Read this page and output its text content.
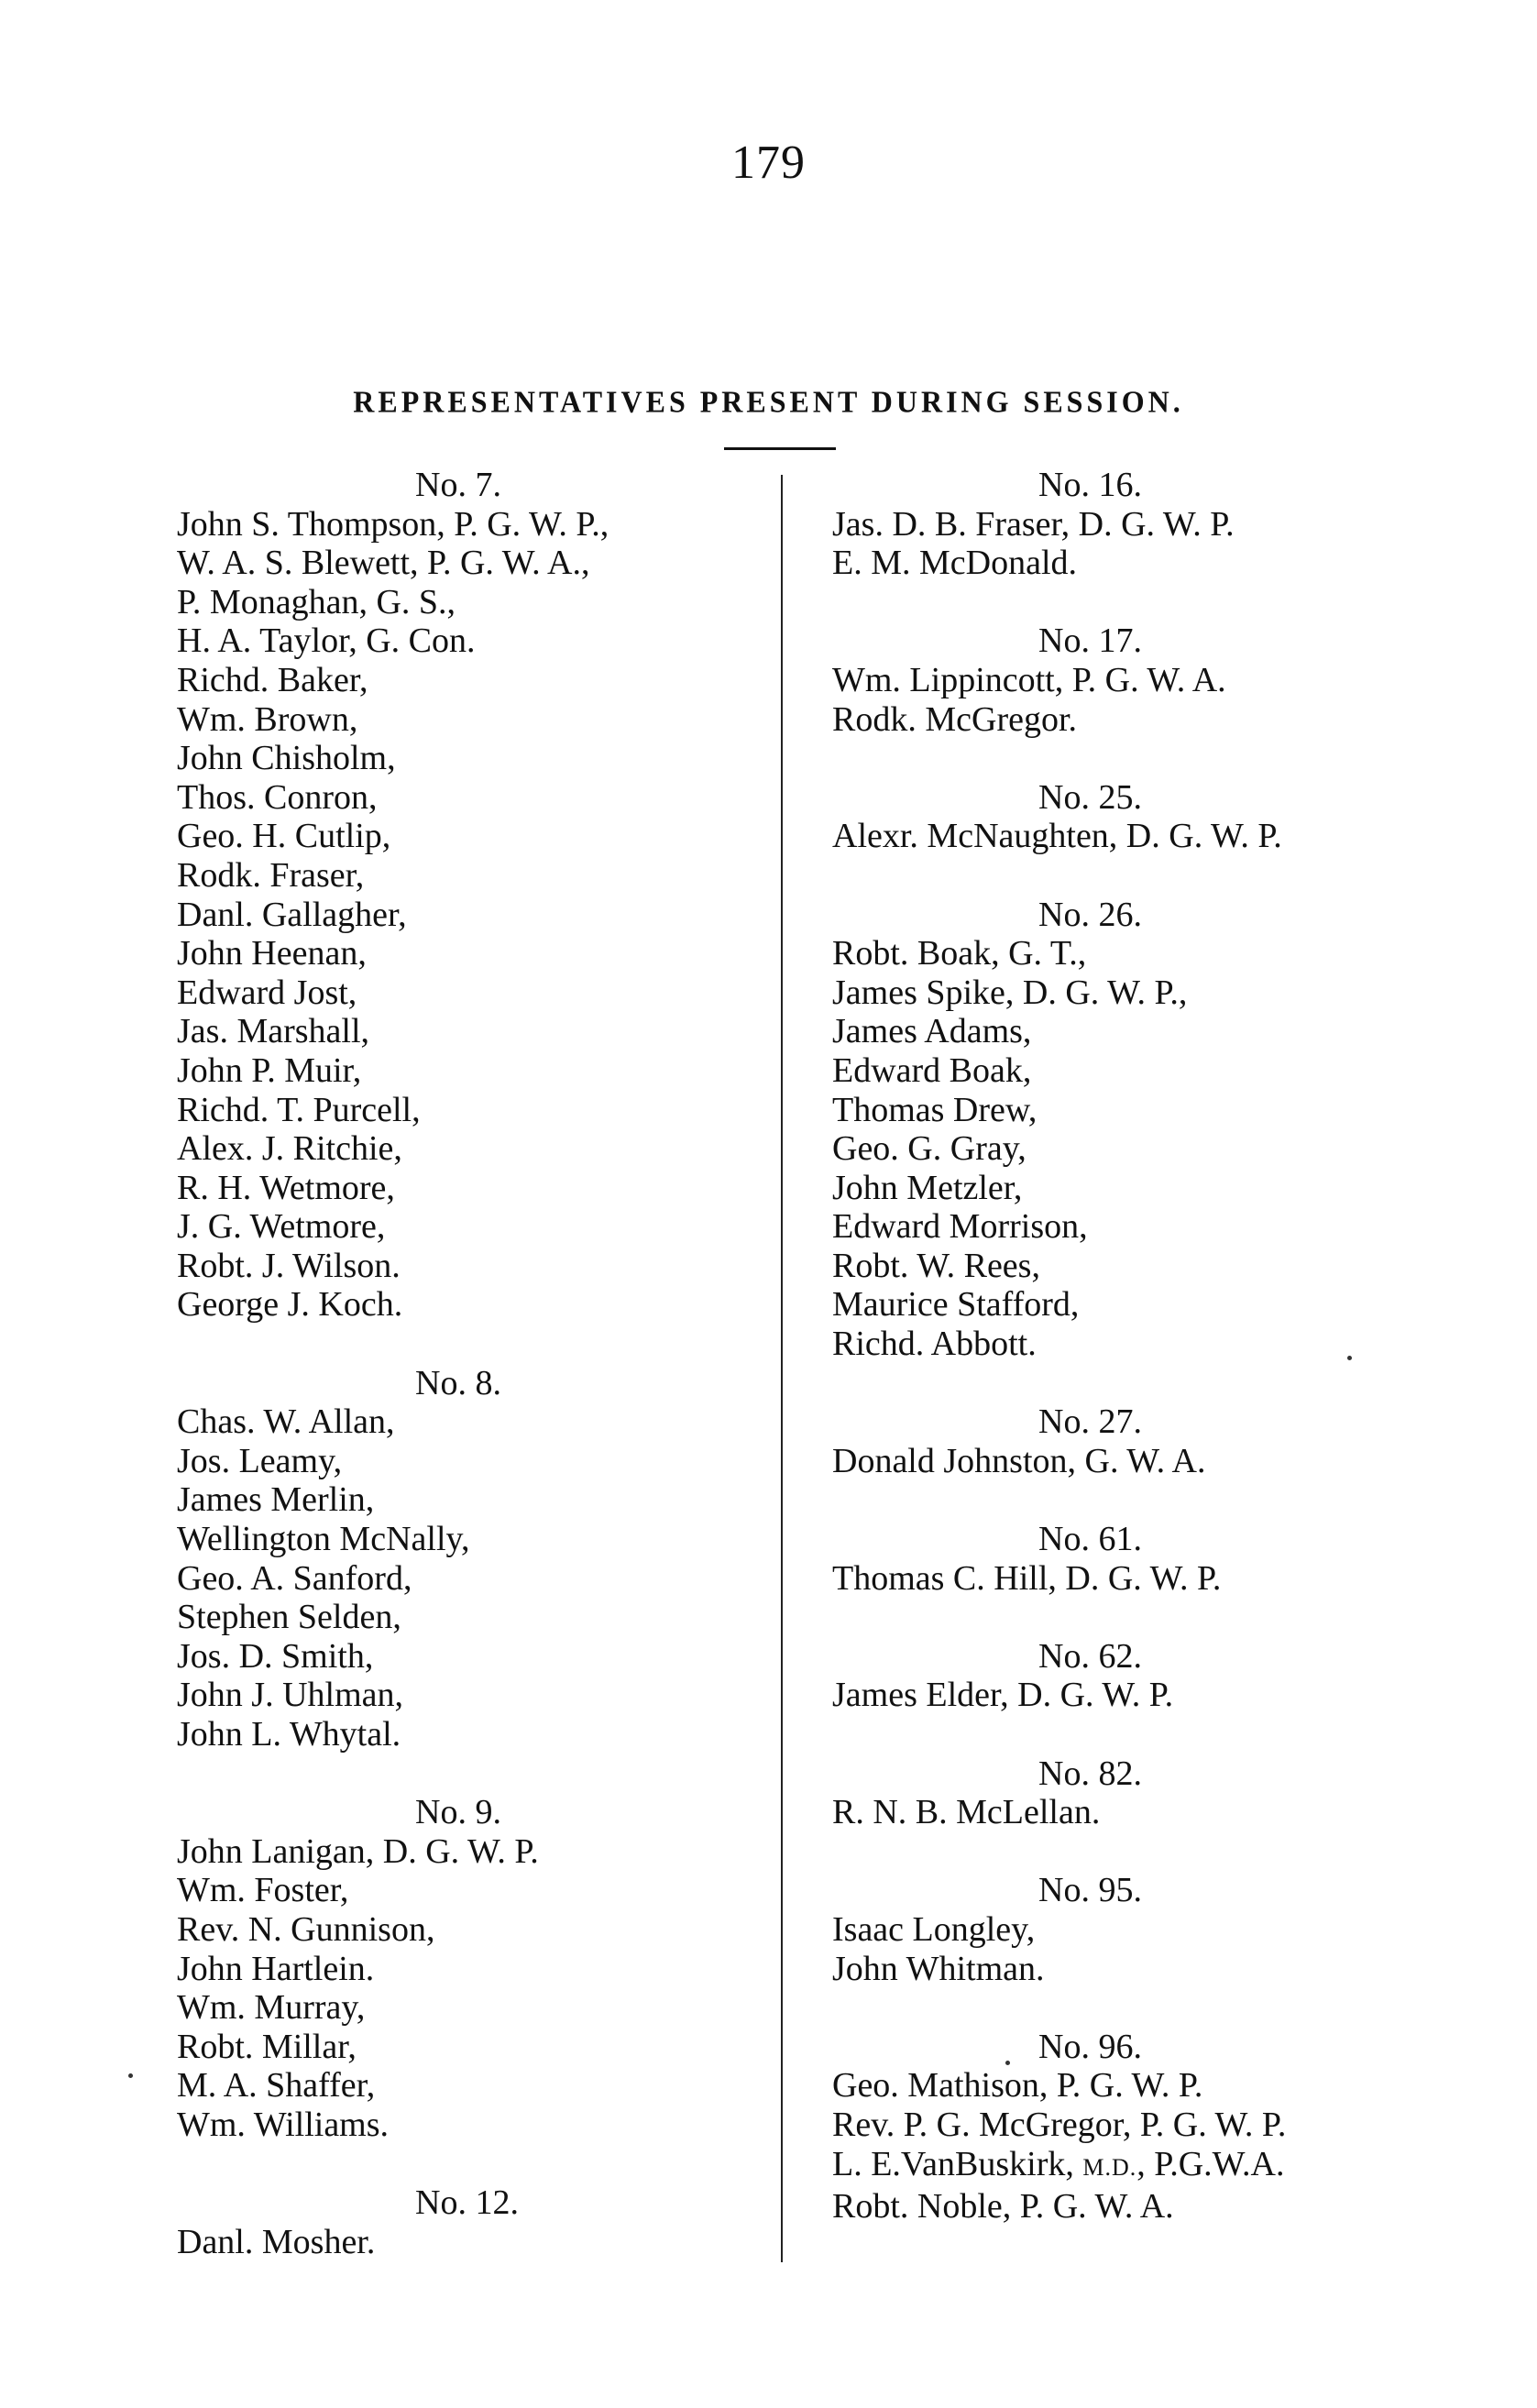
179
REPRESENTATIVES PRESENT DURING SESSION.
No. 7.
John S. Thompson, P. G. W. P.,
W. A. S. Blewett, P. G. W. A.,
P. Monaghan, G. S.,
H. A. Taylor, G. Con.
Richd. Baker,
Wm. Brown,
John Chisholm,
Thos. Conron,
Geo. H. Cutlip,
Rodk. Fraser,
Danl. Gallagher,
John Heenan,
Edward Jost,
Jas. Marshall,
John P. Muir,
Richd. T. Purcell,
Alex. J. Ritchie,
R. H. Wetmore,
J. G. Wetmore,
Robt. J. Wilson.
George J. Koch.
No. 8.
Chas. W. Allan,
Jos. Leamy,
James Merlin,
Wellington McNally,
Geo. A. Sanford,
Stephen Selden,
Jos. D. Smith,
John J. Uhlman,
John L. Whytal.
No. 9.
John Lanigan, D. G. W. P.
Wm. Foster,
Rev. N. Gunnison,
John Hartlein.
Wm. Murray,
Robt. Millar,
M. A. Shaffer,
Wm. Williams.
No. 12.
Danl. Mosher.
No. 16.
Jas. D. B. Fraser, D. G. W. P.
E. M. McDonald.
No. 17.
Wm. Lippincott, P. G. W. A.
Rodk. McGregor.
No. 25.
Alexr. McNaughten, D. G. W. P.
No. 26.
Robt. Boak, G. T.,
James Spike, D. G. W. P.,
James Adams,
Edward Boak,
Thomas Drew,
Geo. G. Gray,
John Metzler,
Edward Morrison,
Robt. W. Rees,
Maurice Stafford,
Richd. Abbott.
No. 27.
Donald Johnston, G. W. A.
No. 61.
Thomas C. Hill, D. G. W. P.
No. 62.
James Elder, D. G. W. P.
No. 82.
R. N. B. McLellan.
No. 95.
Isaac Longley,
John Whitman.
No. 96.
Geo. Mathison, P. G. W. P.
Rev. P. G. McGregor, P. G. W. P.
L. E.VanBuskirk, M.D., P.G.W.A.
Robt. Noble, P. G. W. A.
